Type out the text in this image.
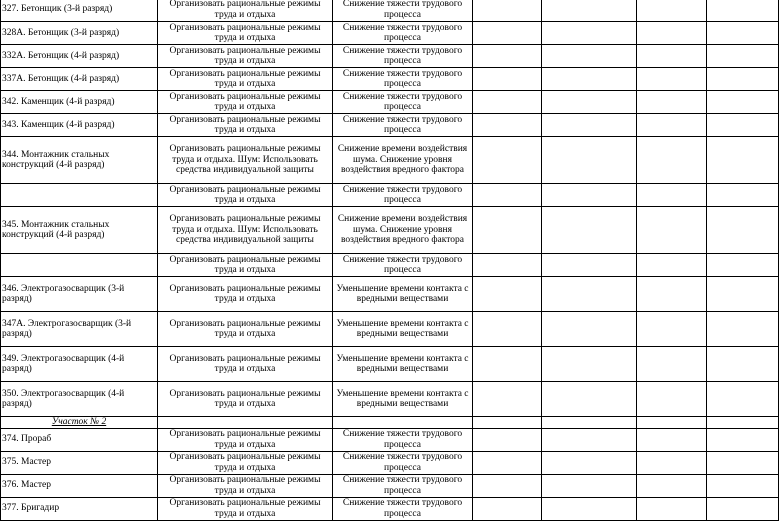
327. Бетонщик (3-й разряд)	Организовать рациональные режимы труда и отдыха	Снижение тяжести трудового процесса				
328А. Бетонщик (3-й разряд)	Организовать рациональные режимы труда и отдыха	Снижение тяжести трудового процесса				
332А. Бетонщик (4-й разряд)	Организовать рациональные режимы труда и отдыха	Снижение тяжести трудового процесса				
337А. Бетонщик (4-й разряд)	Организовать рациональные режимы труда и отдыха	Снижение тяжести трудового процесса				
342. Каменщик (4-й разряд)	Организовать рациональные режимы труда и отдыха	Снижение тяжести трудового процесса				
343. Каменщик (4-й разряд)	Организовать рациональные режимы труда и отдыха	Снижение тяжести трудового процесса				
344. Монтажник стальных конструкций (4-й разряд)	Организовать рациональные режимы труда и отдыха. Шум: Использовать средства индивидуальной защиты	Снижение времени воздействия шума. Снижение уровня воздействия вредного фактора				
	Организовать рациональные режимы труда и отдыха	Снижение тяжести трудового процесса				
345. Монтажник стальных конструкций (4-й разряд)	Организовать рациональные режимы труда и отдыха. Шум: Использовать средства индивидуальной защиты	Снижение времени воздействия шума. Снижение уровня воздействия вредного фактора				
	Организовать рациональные режимы труда и отдыха	Снижение тяжести трудового процесса				
346. Электрогазосварщик (3-й разряд)	Организовать рациональные режимы труда и отдыха	Уменьшение времени контакта с вредными веществами				
347А. Электрогазосварщик (3-й разряд)	Организовать рациональные режимы труда и отдыха	Уменьшение времени контакта с вредными веществами				
349. Электрогазосварщик (4-й разряд)	Организовать рациональные режимы труда и отдыха	Уменьшение времени контакта с вредными веществами				
350. Электрогазосварщик (4-й разряд)	Организовать рациональные режимы труда и отдыха	Уменьшение времени контакта с вредными веществами				
Участок № 2						
374. Прораб	Организовать рациональные режимы труда и отдыха	Снижение тяжести трудового процесса				
375. Мастер	Организовать рациональные режимы труда и отдыха	Снижение тяжести трудового процесса				
376. Мастер	Организовать рациональные режимы труда и отдыха	Снижение тяжести трудового процесса				
377. Бригадир	Организовать рациональные режимы труда и отдыха	Снижение тяжести трудового процесса				
